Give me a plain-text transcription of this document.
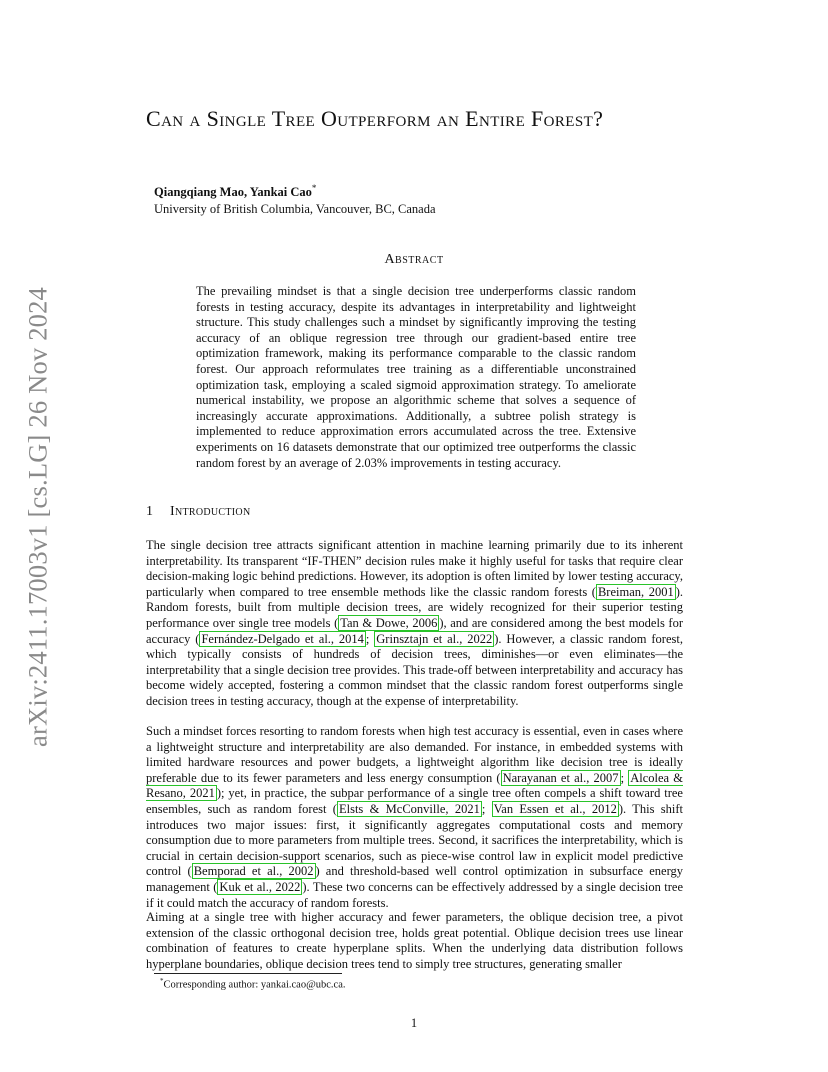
arXiv:2411.17003v1 [cs.LG] 26 Nov 2024
Can a Single Tree Outperform an Entire Forest?
Qiangqiang Mao, Yankai Cao*
University of British Columbia, Vancouver, BC, Canada
Abstract
The prevailing mindset is that a single decision tree underperforms classic random forests in testing accuracy, despite its advantages in interpretability and lightweight structure. This study challenges such a mindset by significantly improving the testing accuracy of an oblique regression tree through our gradient-based entire tree optimization framework, making its performance comparable to the classic random forest. Our approach reformulates tree training as a differentiable unconstrained optimization task, employing a scaled sigmoid approximation strategy. To ameliorate numerical instability, we propose an algorithmic scheme that solves a sequence of increasingly accurate approximations. Additionally, a subtree polish strategy is implemented to reduce approximation errors accumulated across the tree. Extensive experiments on 16 datasets demonstrate that our optimized tree outperforms the classic random forest by an average of 2.03% improvements in testing accuracy.
1 Introduction
The single decision tree attracts significant attention in machine learning primarily due to its inherent interpretability. Its transparent “IF-THEN” decision rules make it highly useful for tasks that require clear decision-making logic behind predictions. However, its adoption is often limited by lower testing accuracy, particularly when compared to tree ensemble methods like the classic random forests ( Breiman, 2001 ). Random forests, built from multiple decision trees, are widely recognized for their superior testing performance over single tree models ( Tan & Dowe, 2006 ), and are considered among the best models for accuracy ( Fernández-Delgado et al., 2014 ; Grinsztajn et al., 2022 ). However, a classic random forest, which typically consists of hundreds of decision trees, diminishes—or even eliminates—the interpretability that a single decision tree provides. This trade-off between interpretability and accuracy has become widely accepted, fostering a common mindset that the classic random forest outperforms single decision trees in testing accuracy, though at the expense of interpretability.
Such a mindset forces resorting to random forests when high test accuracy is essential, even in cases where a lightweight structure and interpretability are also demanded. For instance, in embedded systems with limited hardware resources and power budgets, a lightweight algorithm like decision tree is ideally preferable due to its fewer parameters and less energy consumption ( Narayanan et al., 2007 ; Alcolea & Resano, 2021 ); yet, in practice, the subpar performance of a single tree often compels a shift toward tree ensembles, such as random forest ( Elsts & McConville, 2021 ; Van Essen et al., 2012 ). This shift introduces two major issues: first, it significantly aggregates computational costs and memory consumption due to more parameters from multiple trees. Second, it sacrifices the interpretability, which is crucial in certain decision-support scenarios, such as piece-wise control law in explicit model predictive control ( Bemporad et al., 2002 ) and threshold-based well control optimization in subsurface energy management ( Kuk et al., 2022 ). These two concerns can be effectively addressed by a single decision tree if it could match the accuracy of random forests.
Aiming at a single tree with higher accuracy and fewer parameters, the oblique decision tree, a pivot extension of the classic orthogonal decision tree, holds great potential. Oblique decision trees use linear combination of features to create hyperplane splits. When the underlying data distribution follows hyperplane boundaries, oblique decision trees tend to simply tree structures, generating smaller
*Corresponding author: yankai.cao@ubc.ca.
1
